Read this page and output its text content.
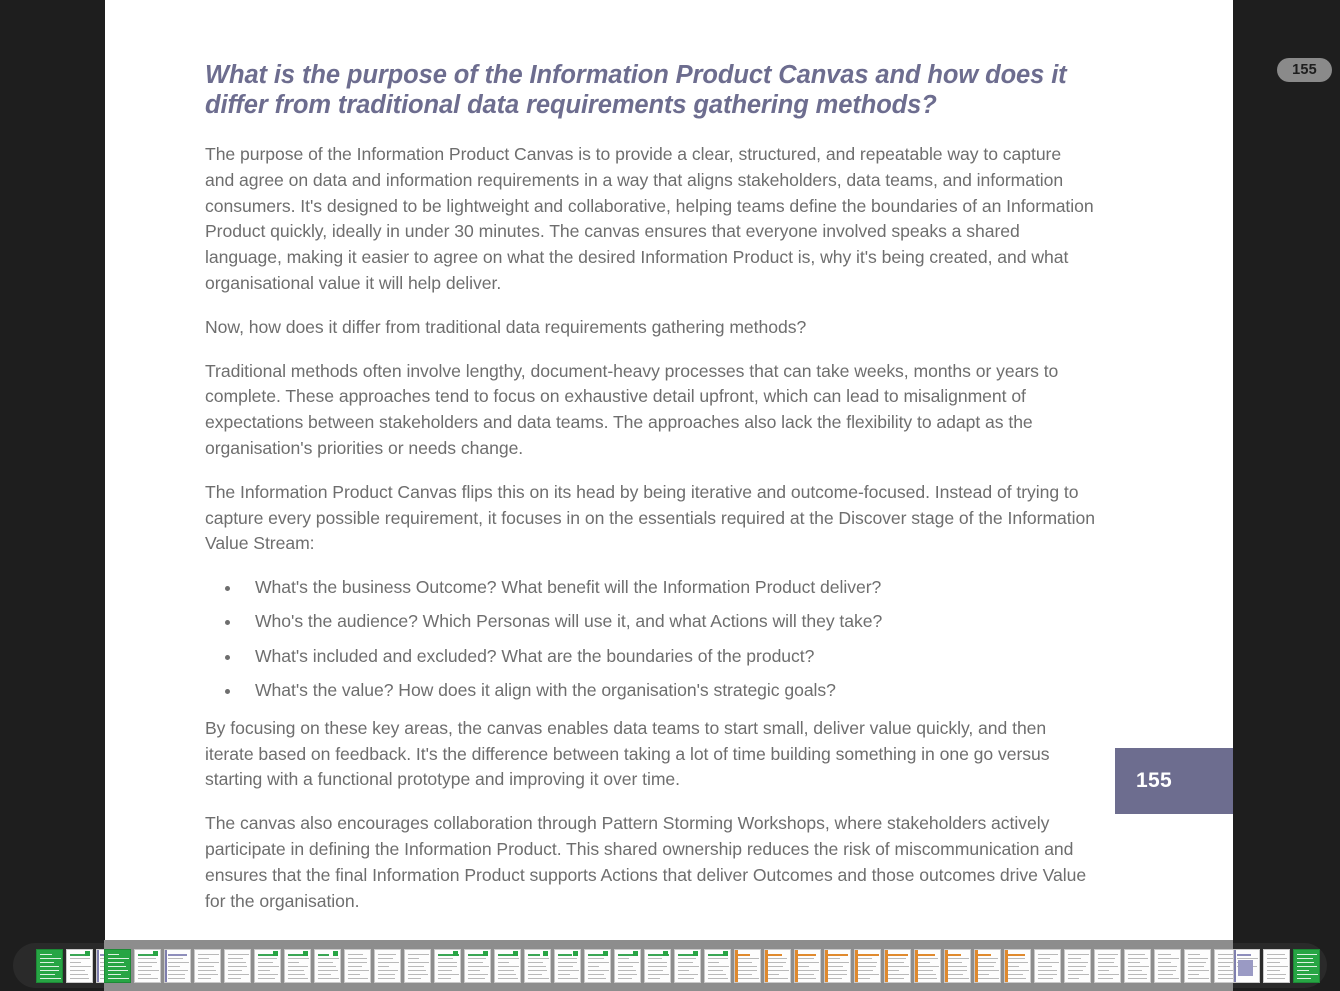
What is the purpose of the Information Product Canvas and how does it differ from traditional data requirements gathering methods?

The purpose of the Information Product Canvas is to provide a clear, structured, and repeatable way to capture and agree on data and information requirements in a way that aligns stakeholders, data teams, and information consumers. It's designed to be lightweight and collaborative, helping teams define the boundaries of an Information Product quickly, ideally in under 30 minutes. The canvas ensures that everyone involved speaks a shared language, making it easier to agree on what the desired Information Product is, why it's being created, and what organisational value it will help deliver.

Now, how does it differ from traditional data requirements gathering methods?

Traditional methods often involve lengthy, document-heavy processes that can take weeks, months or years to complete. These approaches tend to focus on exhaustive detail upfront, which can lead to misalignment of expectations between stakeholders and data teams. The approaches also lack the flexibility to adapt as the organisation's priorities or needs change.

The Information Product Canvas flips this on its head by being iterative and outcome-focused. Instead of trying to capture every possible requirement, it focuses in on the essentials required at the Discover stage of the Information Value Stream:

What's the business Outcome? What benefit will the Information Product deliver?
Who's the audience? Which Personas will use it, and what Actions will they take?
What's included and excluded? What are the boundaries of the product?
What's the value? How does it align with the organisation's strategic goals?

By focusing on these key areas, the canvas enables data teams to start small, deliver value quickly, and then iterate based on feedback. It's the difference between taking a lot of time building something in one go versus starting with a functional prototype and improving it over time.

The canvas also encourages collaboration through Pattern Storming Workshops, where stakeholders actively participate in defining the Information Product. This shared ownership reduces the risk of miscommunication and ensures that the final Information Product supports Actions that deliver Outcomes and those outcomes drive Value for the organisation.

155
155
